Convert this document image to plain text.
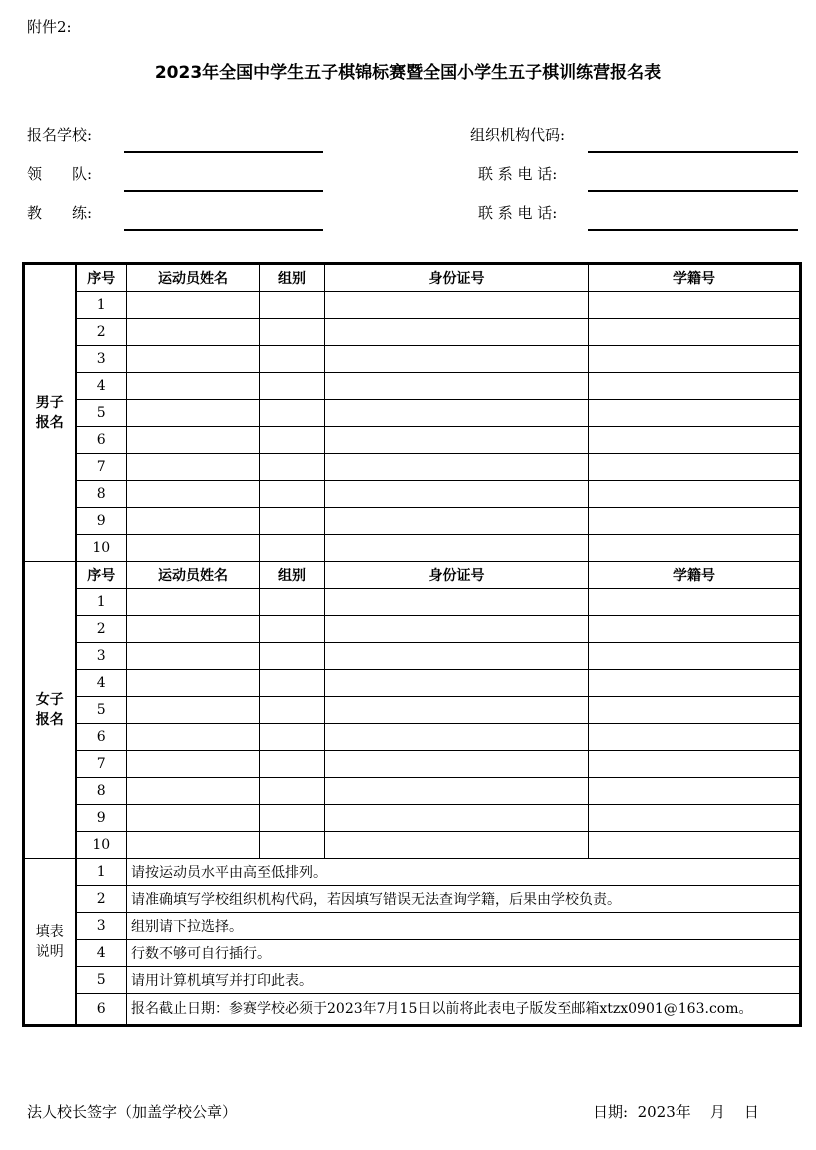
附件2:
2023年全国中学生五子棋锦标赛暨全国小学生五子棋训练营报名表
报名学校:	组织机构代码:
领　　队:	联 系 电 话:
教　　练:	联 系 电 话:
男子
报名	序号	运动员姓名	组别	身份证号	学籍号
	1				
	2				
	3				
	4				
	5				
	6				
	7				
	8				
	9				
	10				

女子
报名	序号	运动员姓名	组别	身份证号	学籍号
	1				
	2				
	3				
	4				
	5				
	6				
	7				
	8				
	9				
	10				

填表
说明	1	请按运动员水平由高至低排列。			
	2	请准确填写学校组织机构代码，若因填写错误无法查询学籍，后果由学校负责。			
	3	组别请下拉选择。			
	4	行数不够可自行插行。			
	5	请用计算机填写并打印此表。			
	6	报名截止日期：参赛学校必须于2023年7月15日以前将此表电子版发至邮箱xtzx0901@163.com。			
法人校长签字（加盖学校公章）	日期:  2023年    月    日
